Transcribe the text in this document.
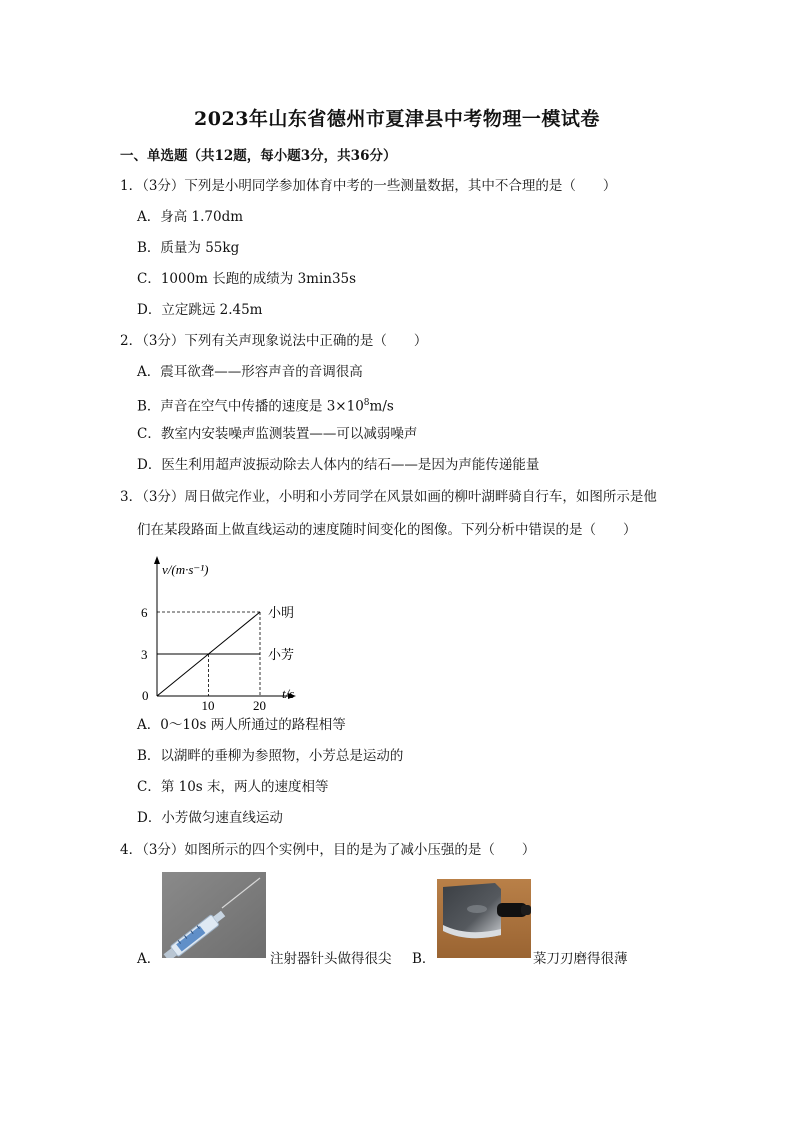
2023年山东省德州市夏津县中考物理一模试卷
一、单选题（共12题，每小题3分，共36分）
1．（3分）下列是小明同学参加体育中考的一些测量数据，其中不合理的是（　　）
A．身高 1.70dm
B．质量为 55kg
C．1000m 长跑的成绩为 3min35s
D．立定跳远 2.45m
2．（3分）下列有关声现象说法中正确的是（　　）
A．震耳欲聋——形容声音的音调很高
B．声音在空气中传播的速度是 $3\times 10^8m/s$
C．教室内安装噪声监测装置——可以减弱噪声
D．医生利用超声波振动除去人体内的结石——是因为声能传递能量
3．（3分）周日做完作业，小明和小芳同学在风景如画的柳叶湖畔骑自行车，如图所示是他
们在某段路面上做直线运动的速度随时间变化的图像。下列分析中错误的是（　　）
小明
小芳
10	20
3
6
v/(m·s⁻¹)
t/s
0
A．0～10s 两人所通过的路程相等
B．以湖畔的垂柳为参照物，小芳总是运动的
C．第 10s 末，两人的速度相等
D．小芳做匀速直线运动
4．（3分）如图所示的四个实例中，目的是为了减小压强的是（　　）
A．	注射器针头做得很尖 B．	菜刀刃磨得很薄
